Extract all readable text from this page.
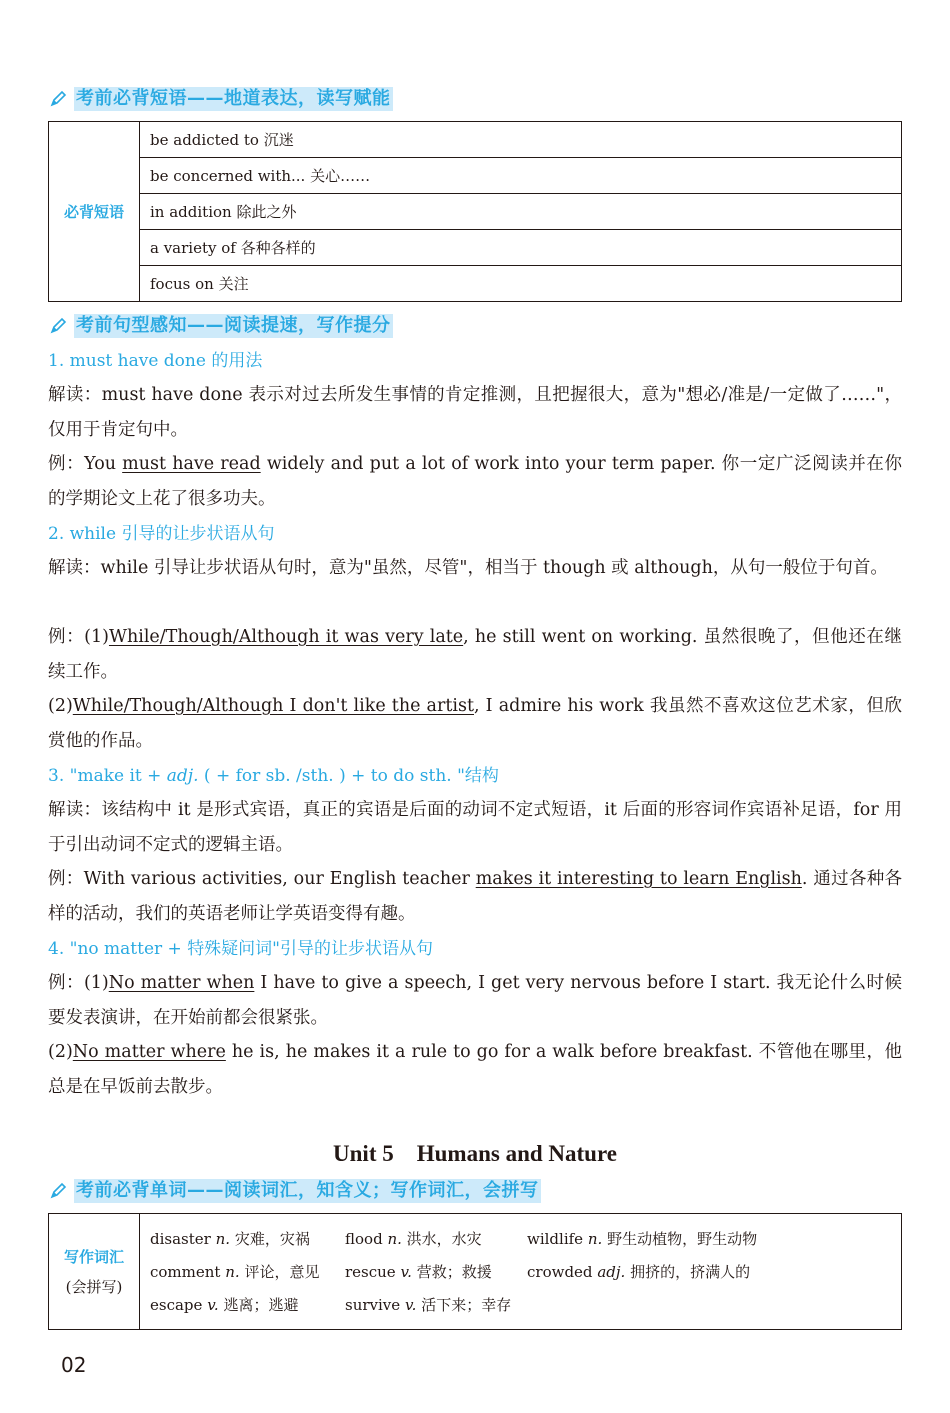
考前必背短语——地道表达，读写赋能
必背短语	be addicted to 沉迷
be concerned with... 关心……
in addition 除此之外
a variety of 各种各样的
focus on 关注
考前句型感知——阅读提速，写作提分
1. must have done 的用法
解读：must have done 表示对过去所发生事情的肯定推测，且把握很大，意为"想必/准是/一定做了……"，仅用于肯定句中。
例：You must have read widely and put a lot of work into your term paper. 你一定广泛阅读并在你的学期论文上花了很多功夫。
2. while 引导的让步状语从句
解读：while 引导让步状语从句时，意为"虽然，尽管"，相当于 though 或 although，从句一般位于句首。
例：(1)While/Though/Although it was very late, he still went on working. 虽然很晚了，但他还在继续工作。
(2)While/Though/Although I don't like the artist, I admire his work 我虽然不喜欢这位艺术家，但欣赏他的作品。
3. "make it + adj. ( + for sb. /sth. ) + to do sth. "结构
解读：该结构中 it 是形式宾语，真正的宾语是后面的动词不定式短语，it 后面的形容词作宾语补足语，for 用于引出动词不定式的逻辑主语。
例：With various activities, our English teacher makes it interesting to learn English. 通过各种各样的活动，我们的英语老师让学英语变得有趣。
4. "no matter + 特殊疑问词"引导的让步状语从句
例：(1)No matter when I have to give a speech, I get very nervous before I start. 我无论什么时候要发表演讲，在开始前都会很紧张。
(2)No matter where he is, he makes it a rule to go for a walk before breakfast. 不管他在哪里，他总是在早饭前去散步。
Unit 5　Humans and Nature
考前必背单词——阅读词汇，知含义；写作词汇，会拼写
写作词汇
(会拼写)

disaster n. 灾难，灾祸	flood n. 洪水，水灾	wildlife n. 野生动植物，野生动物
comment n. 评论，意见	rescue v. 营救；救援	crowded adj. 拥挤的，挤满人的
escape v. 逃离；逃避	survive v. 活下来；幸存
02
